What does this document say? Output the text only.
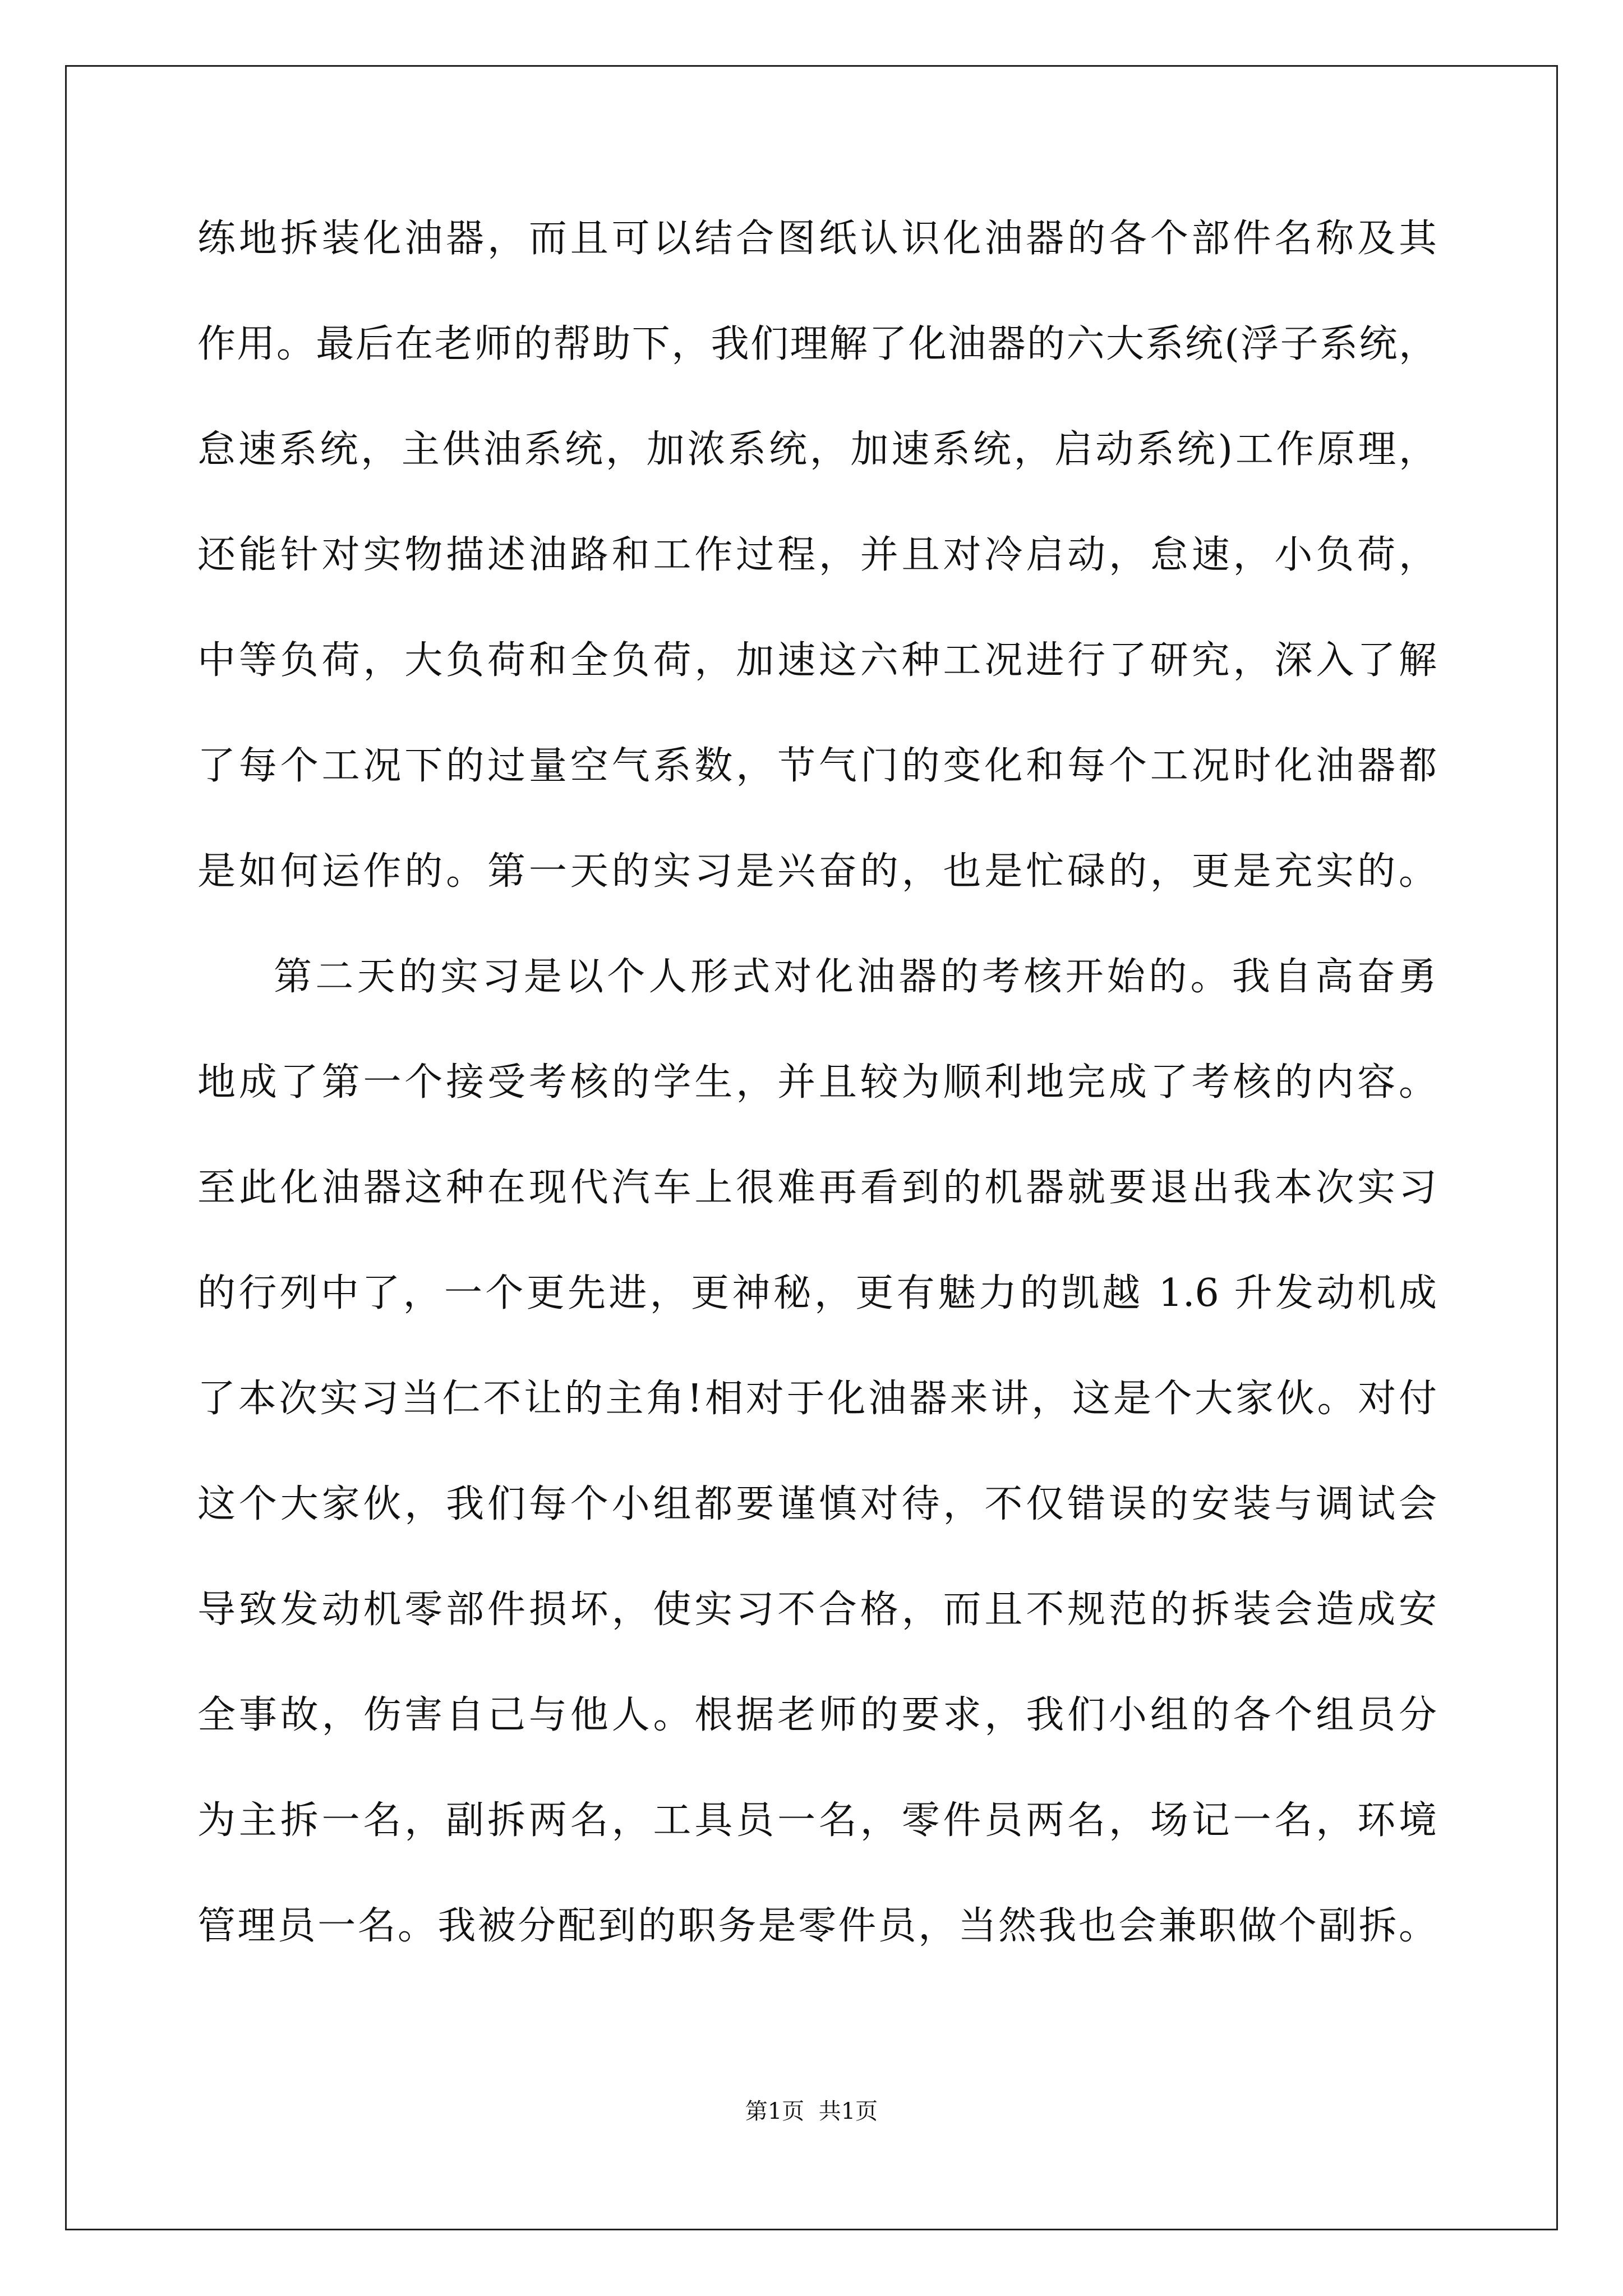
练地拆装化油器，而且可以结合图纸认识化油器的各个部件名称及其
作用。最后在老师的帮助下，我们理解了化油器的六大系统(浮子系统，
怠速系统，主供油系统，加浓系统，加速系统，启动系统)工作原理，
还能针对实物描述油路和工作过程，并且对冷启动，怠速，小负荷，
中等负荷，大负荷和全负荷，加速这六种工况进行了研究，深入了解
了每个工况下的过量空气系数，节气门的变化和每个工况时化油器都
是如何运作的。第一天的实习是兴奋的，也是忙碌的，更是充实的。
第二天的实习是以个人形式对化油器的考核开始的。我自高奋勇
地成了第一个接受考核的学生，并且较为顺利地完成了考核的内容。
至此化油器这种在现代汽车上很难再看到的机器就要退出我本次实习
的行列中了，一个更先进，更神秘，更有魅力的凯越 1.6 升发动机成
了本次实习当仁不让的主角!相对于化油器来讲，这是个大家伙。对付
这个大家伙，我们每个小组都要谨慎对待，不仅错误的安装与调试会
导致发动机零部件损坏，使实习不合格，而且不规范的拆装会造成安
全事故，伤害自己与他人。根据老师的要求，我们小组的各个组员分
为主拆一名，副拆两名，工具员一名，零件员两名，场记一名，环境
管理员一名。我被分配到的职务是零件员，当然我也会兼职做个副拆。
第1页  共1页
